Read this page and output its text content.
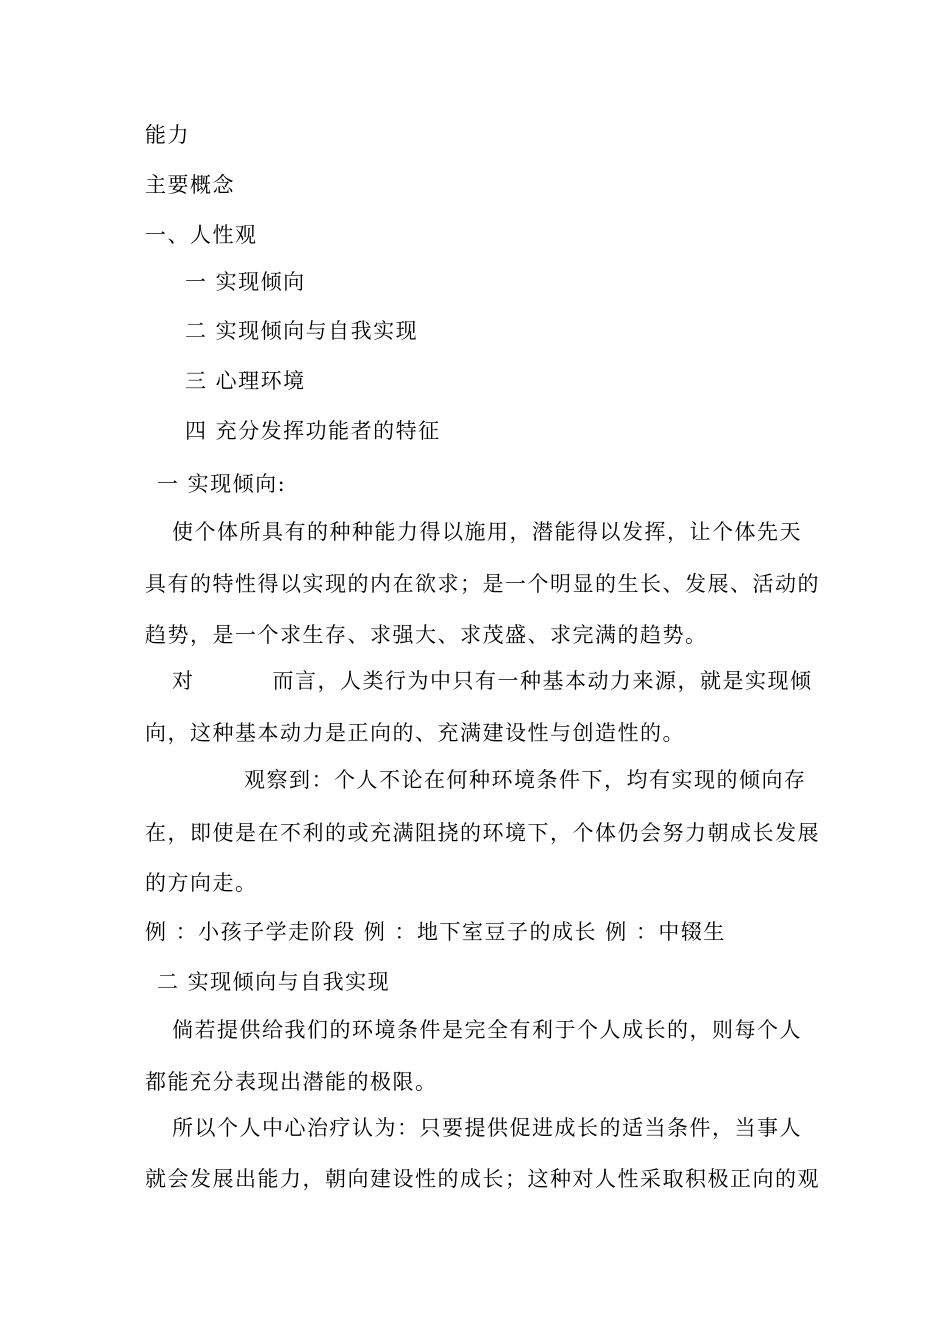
能力
主要概念
一、人性观
一 实现倾向
二 实现倾向与自我实现
三 心理环境
四 充分发挥功能者的特征
一 实现倾向:
使个体所具有的种种能力得以施用，潜能得以发挥，让个体先天
具有的特性得以实现的内在欲求；是一个明显的生长、发展、活动的
趋势，是一个求生存、求强大、求茂盛、求完满的趋势。
对	而言，人类行为中只有一种基本动力来源，就是实现倾
向，这种基本动力是正向的、充满建设性与创造性的。
观察到：个人不论在何种环境条件下，均有实现的倾向存
在，即使是在不利的或充满阻挠的环境下，个体仍会努力朝成长发展
的方向走。
例 ：小孩子学走阶段 例 ：地下室豆子的成长 例 ：中辍生
二 实现倾向与自我实现
倘若提供给我们的环境条件是完全有利于个人成长的，则每个人
都能充分表现出潜能的极限。
所以个人中心治疗认为：只要提供促进成长的适当条件，当事人
就会发展出能力，朝向建设性的成长；这种对人性采取积极正向的观
